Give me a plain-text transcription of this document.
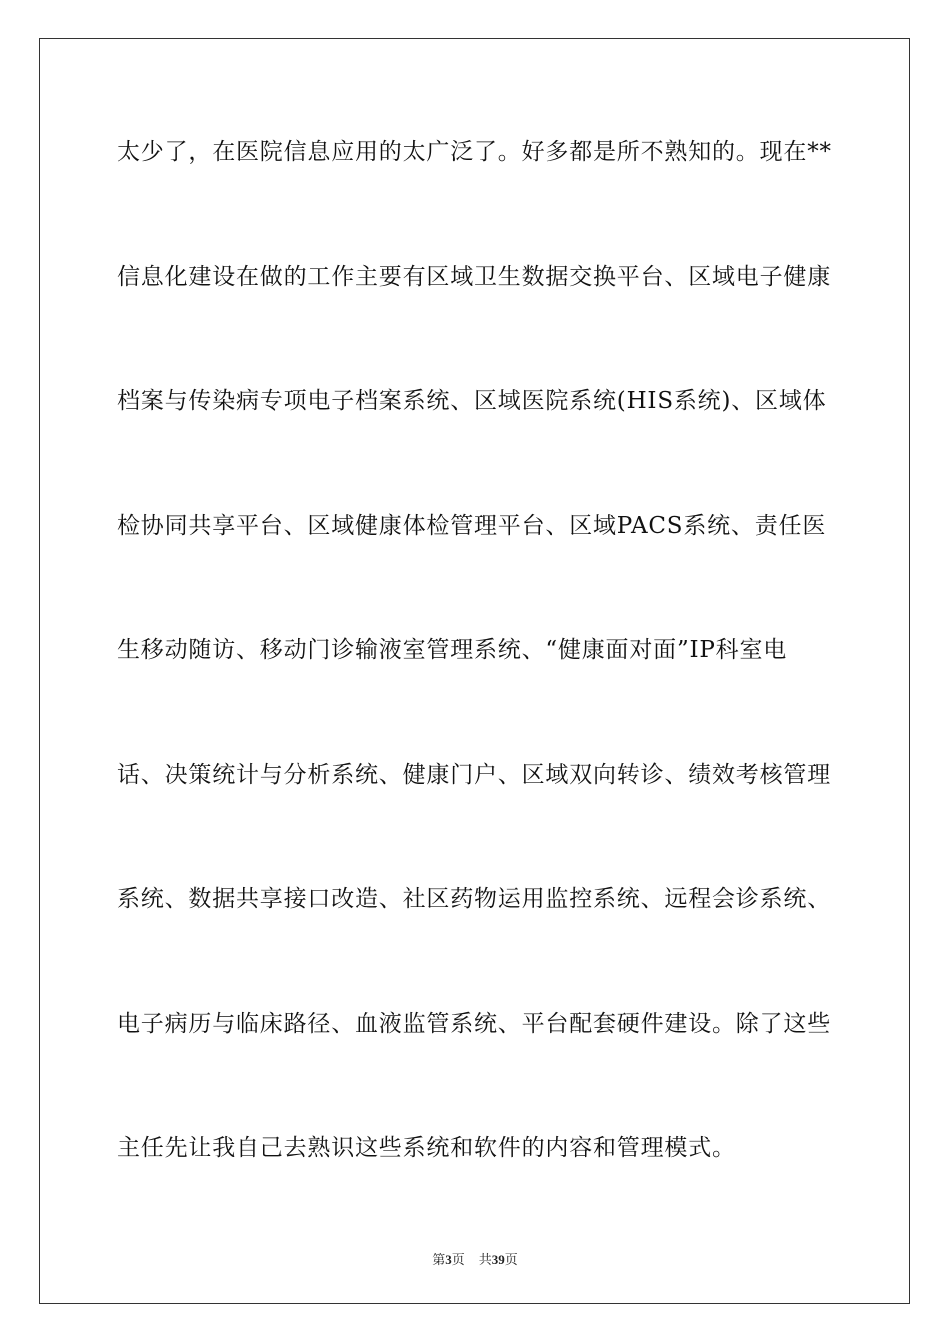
太少了，在医院信息应用的太广泛了。好多都是所不熟知的。现在**
信息化建设在做的工作主要有区域卫生数据交换平台、区域电子健康
档案与传染病专项电子档案系统、区域医院系统(HIS系统)、区域体
检协同共享平台、区域健康体检管理平台、区域PACS系统、责任医
生移动随访、移动门诊输液室管理系统、“健康面对面”IP科室电
话、决策统计与分析系统、健康门户、区域双向转诊、绩效考核管理
系统、数据共享接口改造、社区药物运用监控系统、远程会诊系统、
电子病历与临床路径、血液监管系统、平台配套硬件建设。除了这些
主任先让我自己去熟识这些系统和软件的内容和管理模式。
第3页 共39页
